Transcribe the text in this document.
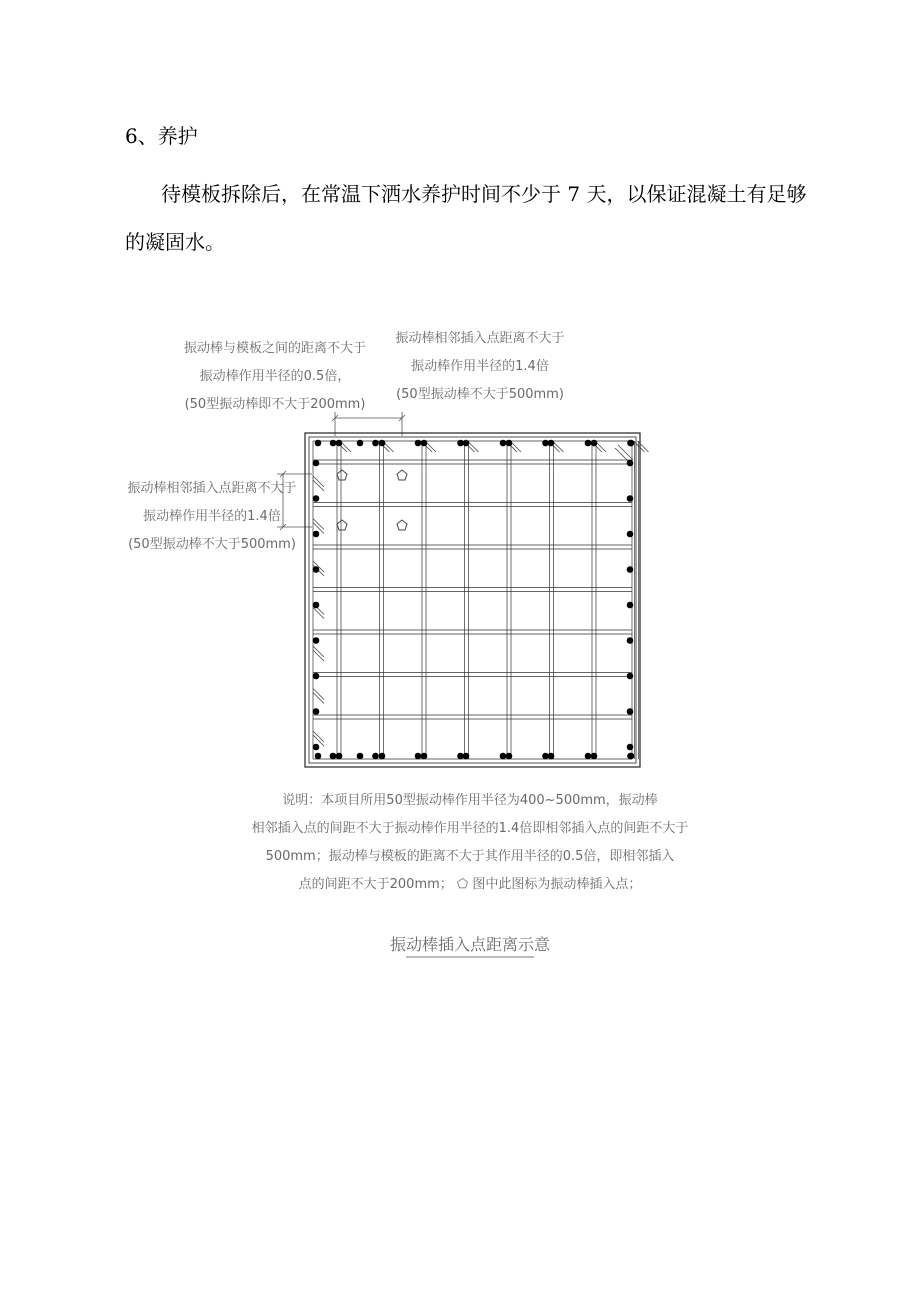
6、养护
待模板拆除后，在常温下洒水养护时间不少于 7 天，以保证混凝土有足够的凝固水。
振动棒与模板之间的距离不大于
振动棒作用半径的0.5倍，
(50型振动棒即不大于200mm)
振动棒相邻插入点距离不大于
振动棒作用半径的1.4倍
(50型振动棒不大于500mm)
振动棒相邻插入点距离不大于
振动棒作用半径的1.4倍
(50型振动棒不大于500mm)
说明：本项目所用50型振动棒作用半径为400~500mm，振动棒
相邻插入点的间距不大于振动棒作用半径的1.4倍即相邻插入点的间距不大于
500mm；振动棒与模板的距离不大于其作用半径的0.5倍，即相邻插入
点的间距不大于200mm； ⬠ 图中此图标为振动棒插入点；
振动棒插入点距离示意
